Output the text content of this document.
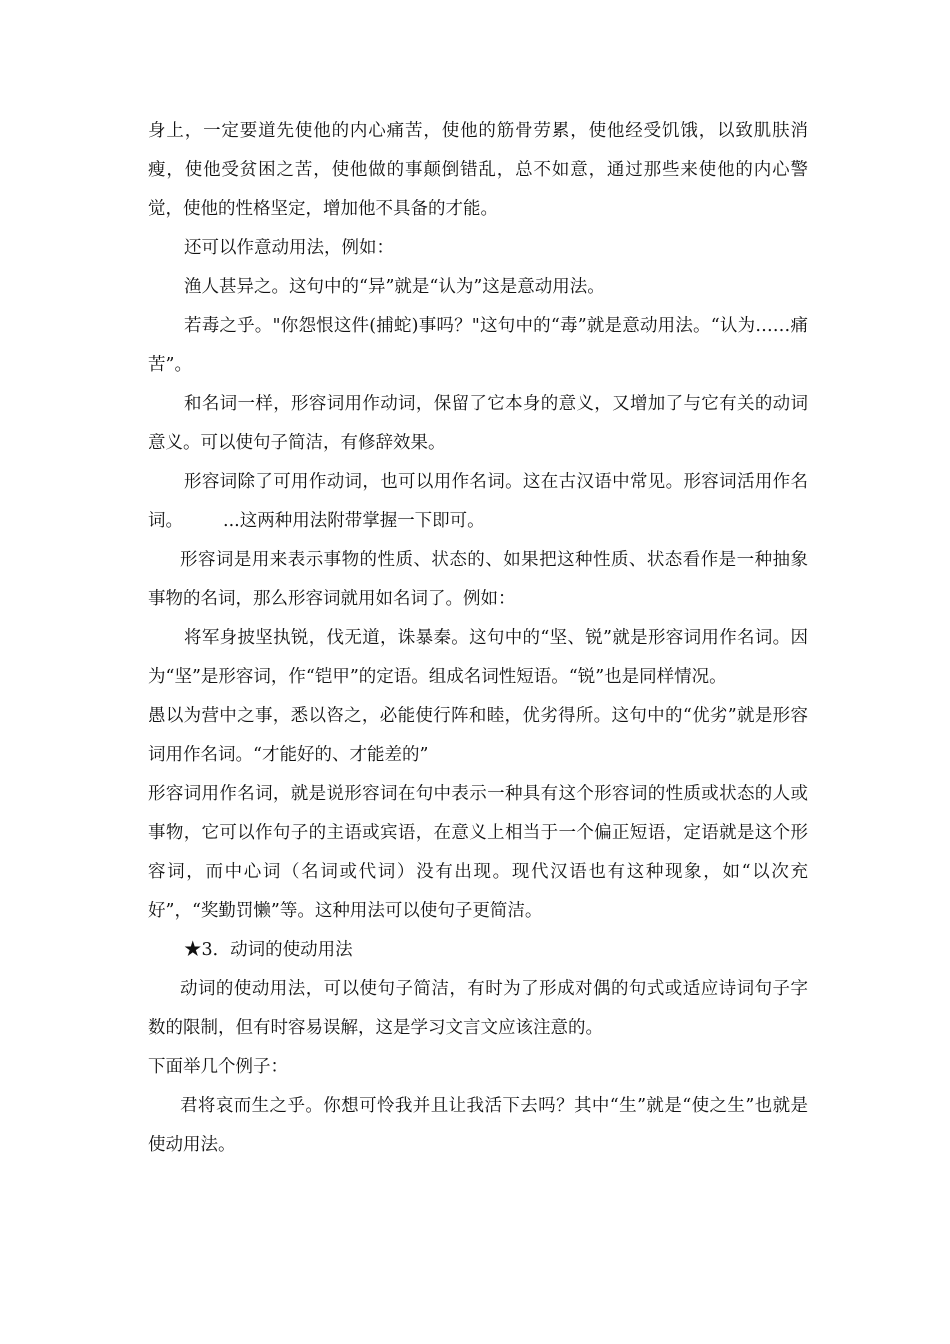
身上，一定要道先使他的内心痛苦，使他的筋骨劳累，使他经受饥饿，以致肌肤消瘦，使他受贫困之苦，使他做的事颠倒错乱，总不如意，通过那些来使他的内心警觉，使他的性格坚定，增加他不具备的才能。

还可以作意动用法，例如：

渔人甚异之。这句中的“异”就是“认为”这是意动用法。

若毒之乎。"你怨恨这件(捕蛇)事吗？"这句中的“毒”就是意动用法。“认为……痛苦”。

和名词一样，形容词用作动词，保留了它本身的意义，又增加了与它有关的动词意义。可以使句子简洁，有修辞效果。

形容词除了可用作动词，也可以用作名词。这在古汉语中常见。形容词活用作名词。 ...这两种用法附带掌握一下即可。

形容词是用来表示事物的性质、状态的、如果把这种性质、状态看作是一种抽象事物的名词，那么形容词就用如名词了。例如：

将军身披坚执锐，伐无道，诛暴秦。这句中的“坚、锐”就是形容词用作名词。因为“坚”是形容词，作“铠甲”的定语。组成名词性短语。“锐”也是同样情况。

愚以为营中之事，悉以咨之，必能使行阵和睦，优劣得所。这句中的“优劣”就是形容词用作名词。“才能好的、才能差的”

形容词用作名词，就是说形容词在句中表示一种具有这个形容词的性质或状态的人或事物，它可以作句子的主语或宾语，在意义上相当于一个偏正短语，定语就是这个形容词，而中心词（名词或代词）没有出现。现代汉语也有这种现象，如“以次充好”，“奖勤罚懒”等。这种用法可以使句子更简洁。

★3．动词的使动用法

动词的使动用法，可以使句子简洁，有时为了形成对偶的句式或适应诗词句子字数的限制，但有时容易误解，这是学习文言文应该注意的。

下面举几个例子：

君将哀而生之乎。你想可怜我并且让我活下去吗？其中“生”就是“使之生”也就是使动用法。
